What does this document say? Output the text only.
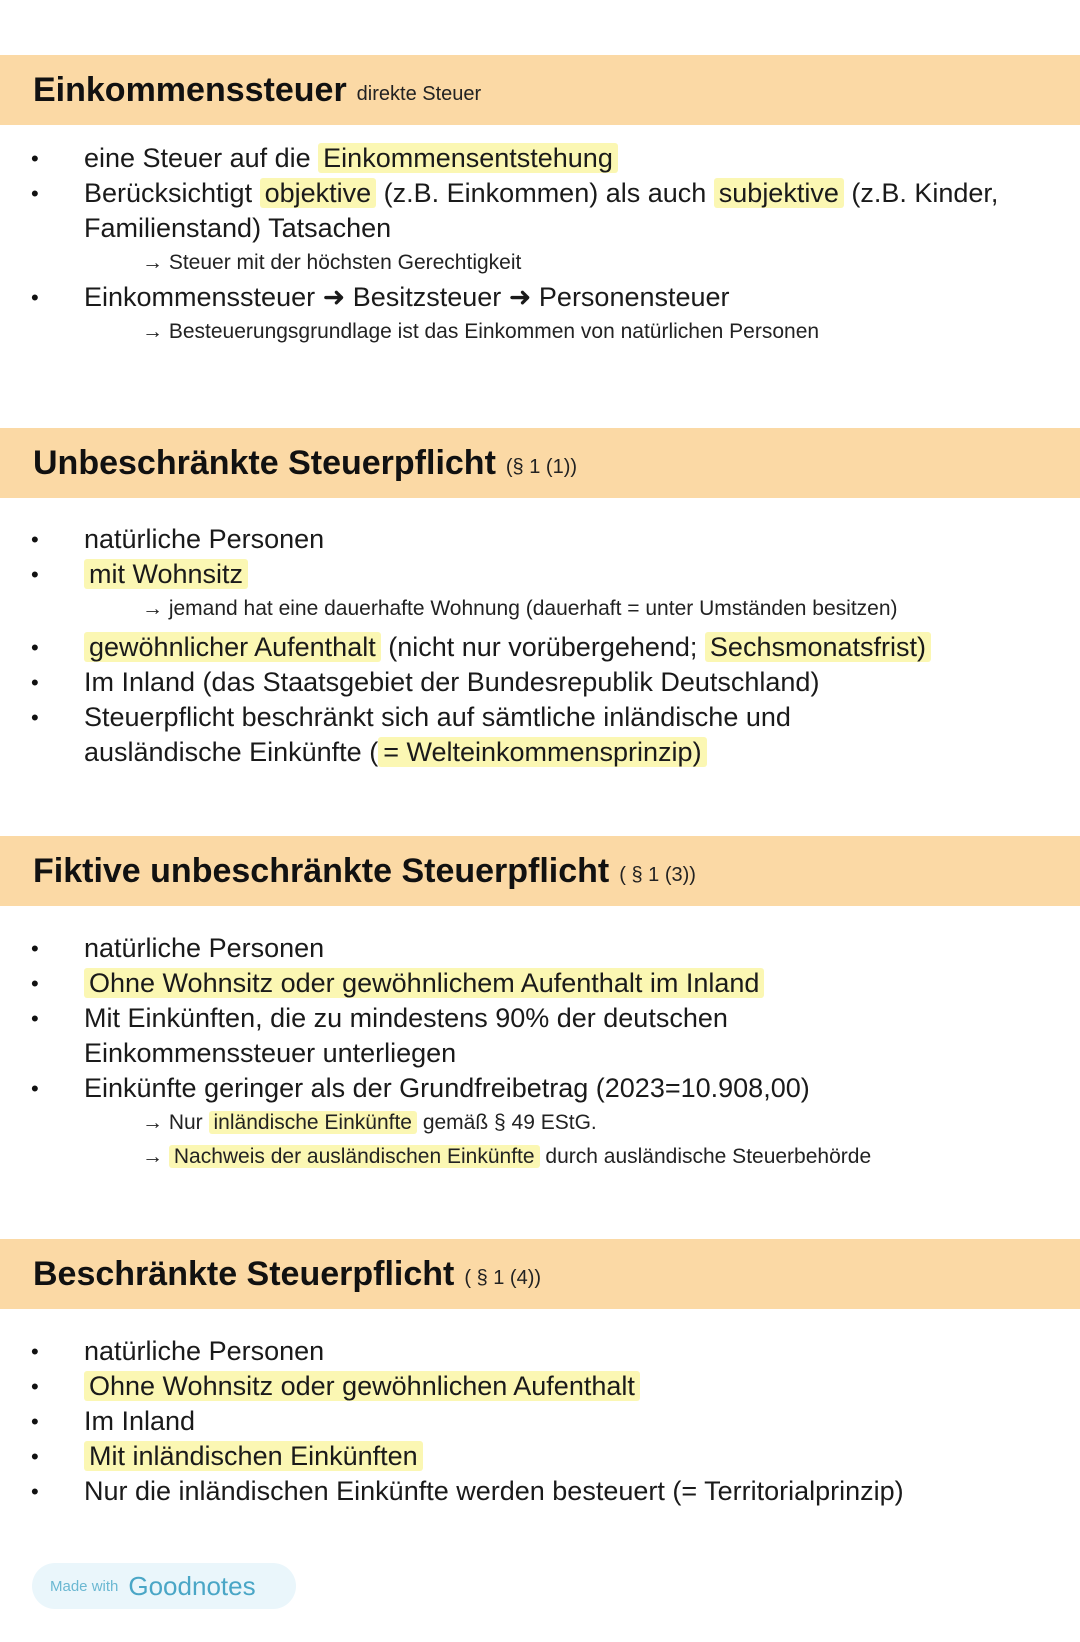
Einkommenssteuer direkte Steuer
• eine Steuer auf die Einkommensentstehung
• Berücksichtigt objektive (z.B. Einkommen) als auch subjektive (z.B. Kinder, Familienstand) Tatsachen
→ Steuer mit der höchsten Gerechtigkeit
• Einkommenssteuer ➜ Besitzsteuer ➜ Personensteuer
→ Besteuerungsgrundlage ist das Einkommen von natürlichen Personen
Unbeschränkte Steuerpflicht (§ 1 (1))
• natürliche Personen
• mit Wohnsitz
→ jemand hat eine dauerhafte Wohnung (dauerhaft = unter Umständen besitzen)
• gewöhnlicher Aufenthalt (nicht nur vorübergehend; Sechsmonatsfrist)
• Im Inland (das Staatsgebiet der Bundesrepublik Deutschland)
• Steuerpflicht beschränkt sich auf sämtliche inländische und ausländische Einkünfte ( = Welteinkommensprinzip)
Fiktive unbeschränkte Steuerpflicht ( § 1 (3))
• natürliche Personen
• Ohne Wohnsitz oder gewöhnlichem Aufenthalt im Inland
• Mit Einkünften, die zu mindestens 90% der deutschen Einkommenssteuer unterliegen
• Einkünfte geringer als der Grundfreibetrag (2023=10.908,00)
→ Nur inländische Einkünfte gemäß § 49 EStG.
→ Nachweis der ausländischen Einkünfte durch ausländische Steuerbehörde
Beschränkte Steuerpflicht ( § 1 (4))
• natürliche Personen
• Ohne Wohnsitz oder gewöhnlichen Aufenthalt
• Im Inland
• Mit inländischen Einkünften
• Nur die inländischen Einkünfte werden besteuert (= Territorialprinzip)
Made with Goodnotes
